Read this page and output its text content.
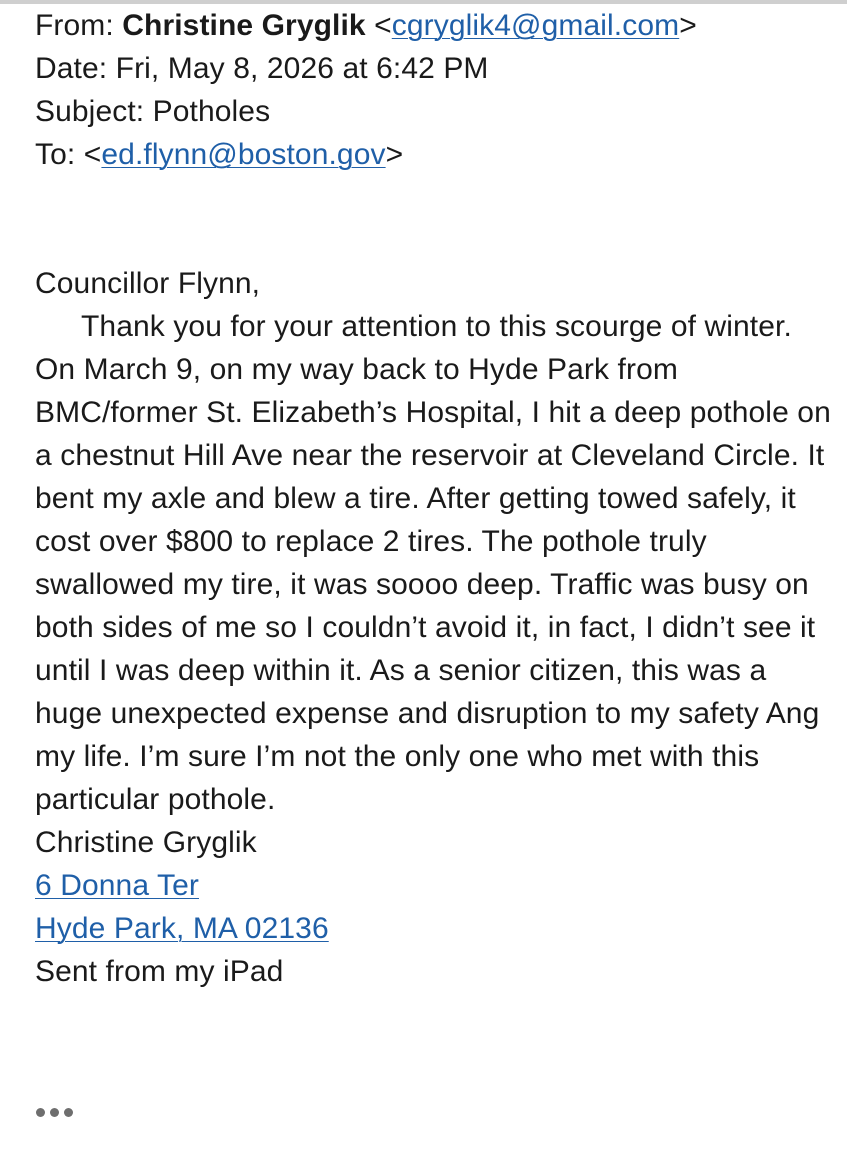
From: Christine Gryglik <cgryglik4@gmail.com>
Date: Fri, May 8, 2026 at 6:42 PM
Subject: Potholes
To: <ed.flynn@boston.gov>
Councillor Flynn,
Thank you for your attention to this scourge of winter. On March 9, on my way back to Hyde Park from BMC/former St. Elizabeth’s Hospital, I hit a deep pothole on a chestnut Hill Ave near the reservoir at Cleveland Circle. It bent my axle and blew a tire. After getting towed safely, it cost over $800 to replace 2 tires. The pothole truly swallowed my tire, it was soooo deep. Traffic was busy on both sides of me so I couldn’t avoid it, in fact, I didn’t see it until I was deep within it. As a senior citizen, this was a huge unexpected expense and disruption to my safety Ang my life. I’m sure I’m not the only one who met with this particular pothole.
Christine Gryglik
6 Donna Ter
Hyde Park, MA 02136
Sent from my iPad
